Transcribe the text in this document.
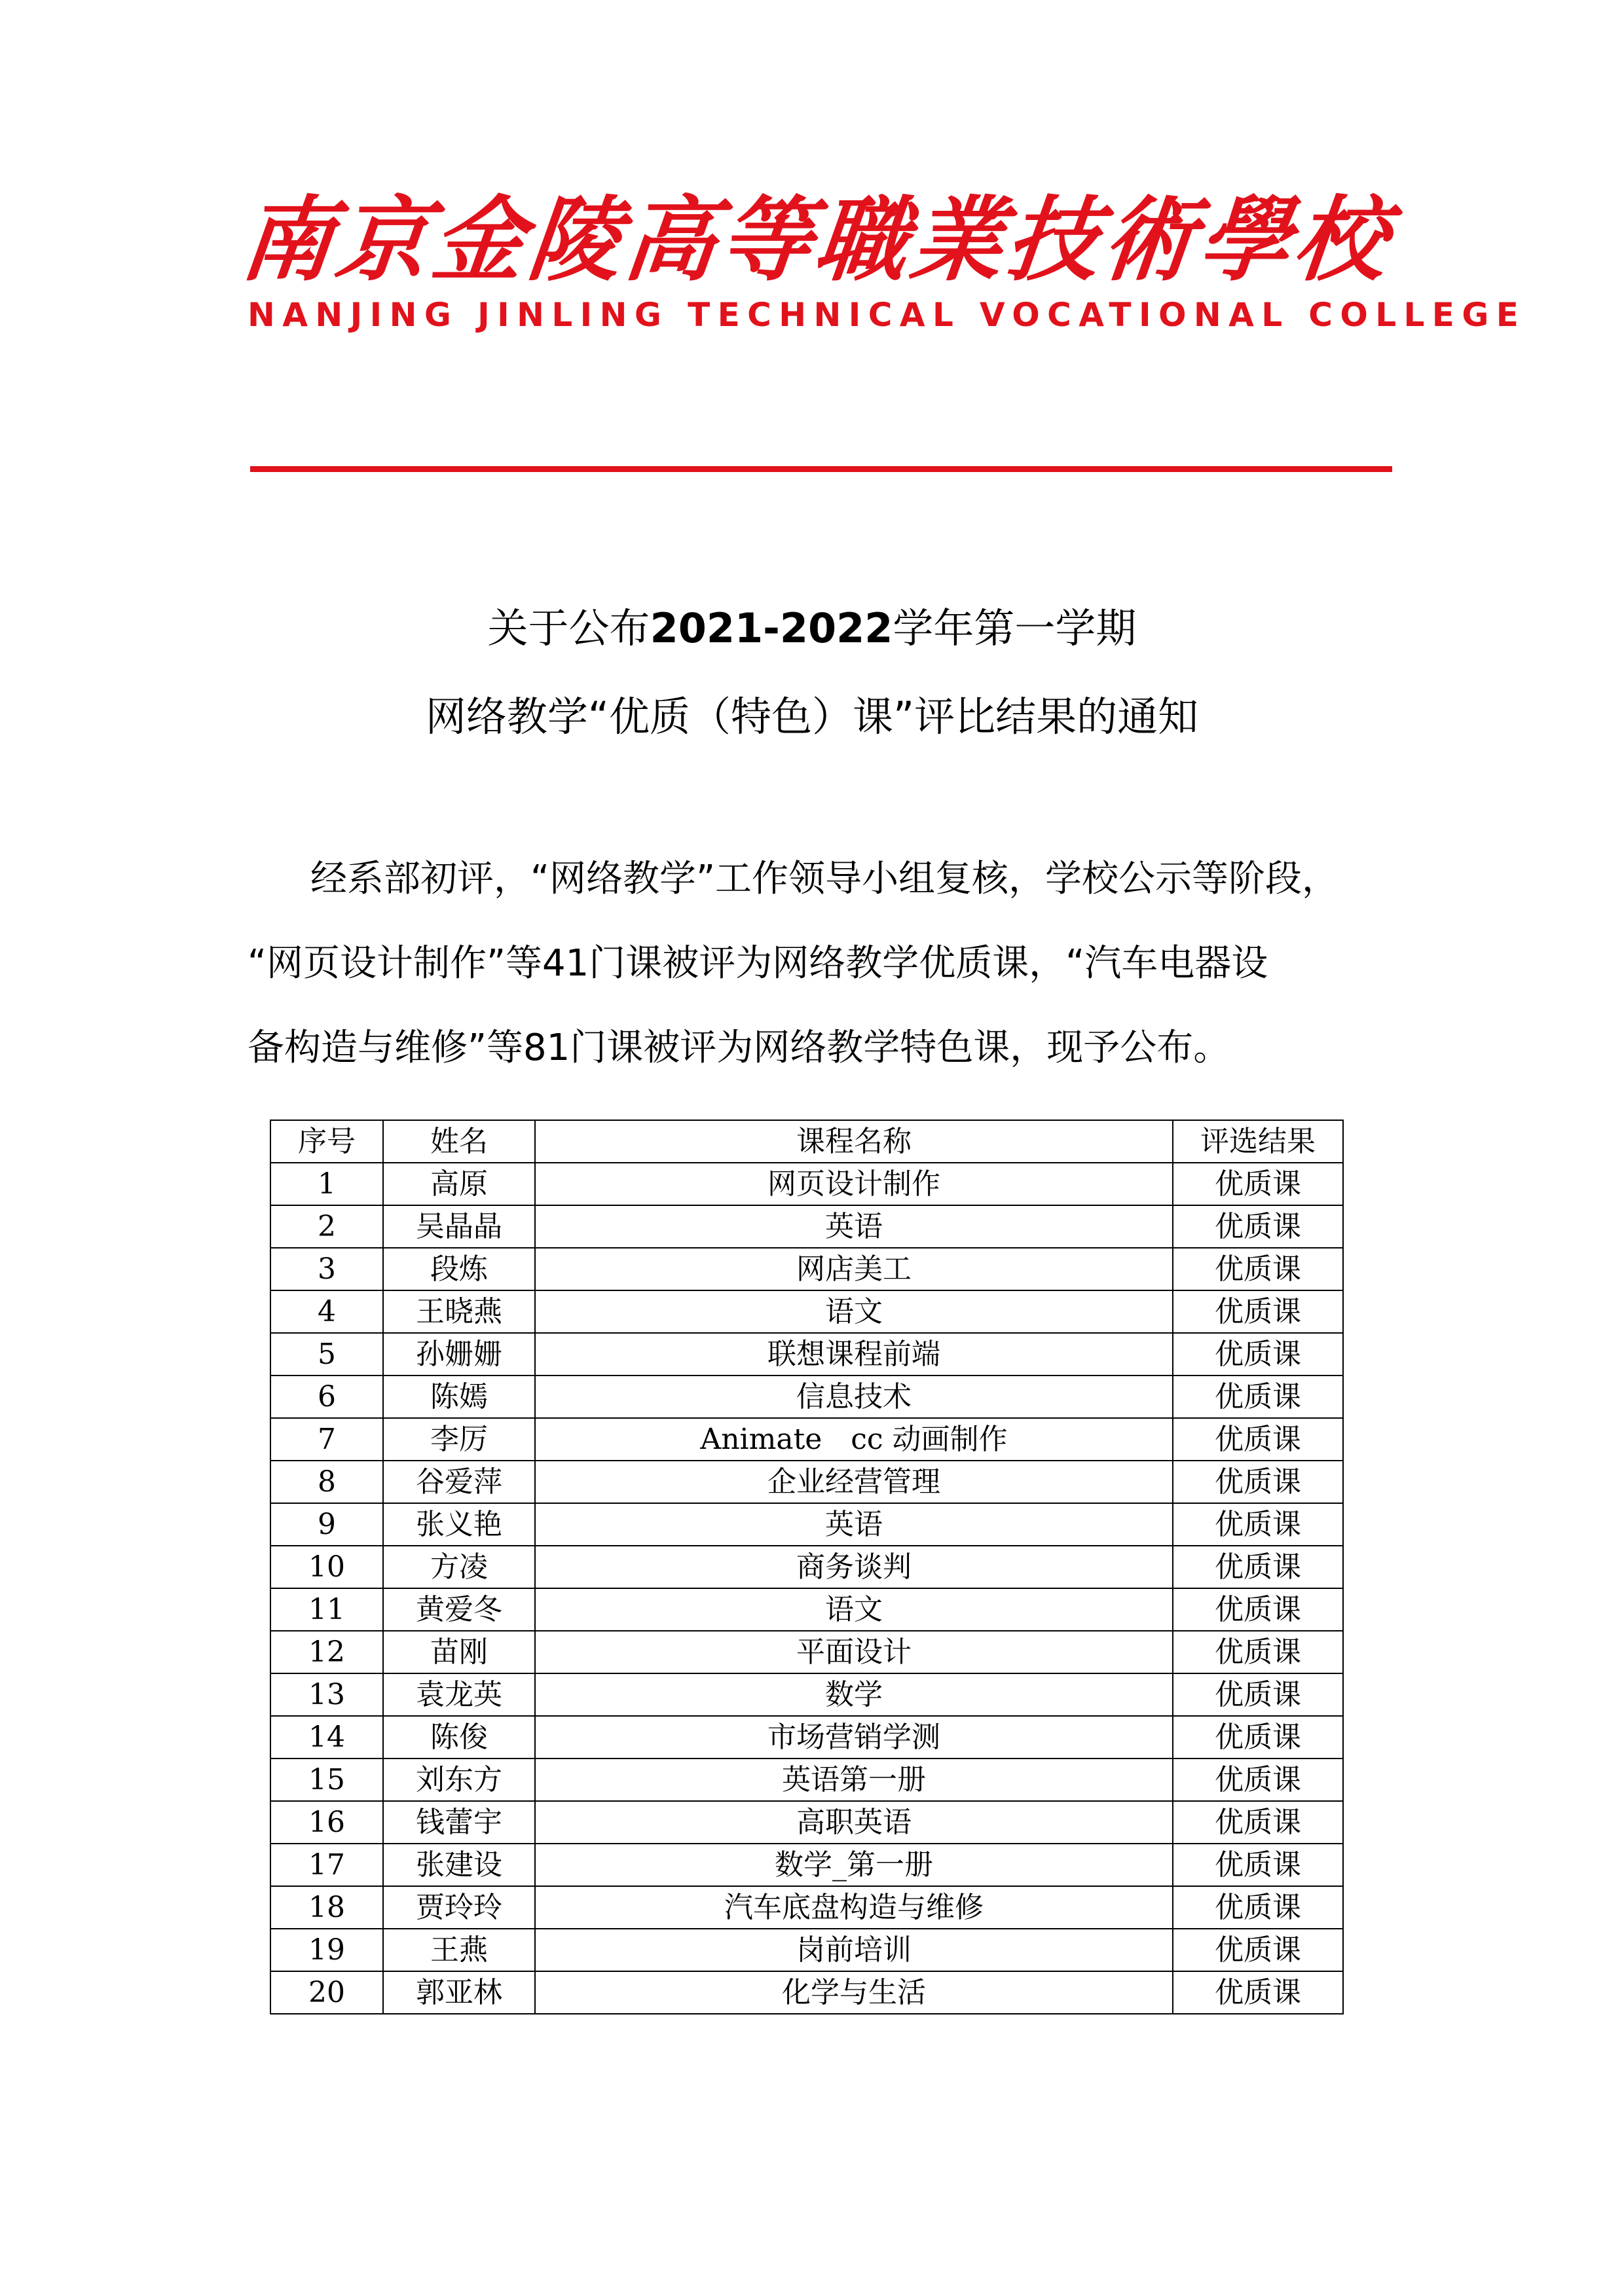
南
京
金
陵
高
等
職
業
技
術
學
校
NANJING JINLING TECHNICAL VOCATIONAL COLLEGE
关于公布2021-2022学年第一学期
网络教学“优质（特色）课”评比结果的通知
经系部初评，“网络教学”工作领导小组复核，学校公示等阶段，
“网页设计制作”等41门课被评为网络教学优质课，“汽车电器设
备构造与维修”等81门课被评为网络教学特色课，现予公布。
序号	姓名	课程名称	评选结果
1	高原	网页设计制作	优质课
2	吴晶晶	英语	优质课
3	段炼	网店美工	优质课
4	王晓燕	语文	优质课
5	孙姗姗	联想课程前端	优质课
6	陈嫣	信息技术	优质课
7	李厉	Animate　cc 动画制作	优质课
8	谷爱萍	企业经营管理	优质课
9	张义艳	英语	优质课
10	方凌	商务谈判	优质课
11	黄爱冬	语文	优质课
12	苗刚	平面设计	优质课
13	袁龙英	数学	优质课
14	陈俊	市场营销学测	优质课
15	刘东方	英语第一册	优质课
16	钱蕾宇	高职英语	优质课
17	张建设	数学_第一册	优质课
18	贾玲玲	汽车底盘构造与维修	优质课
19	王燕	岗前培训	优质课
20	郭亚林	化学与生活	优质课
